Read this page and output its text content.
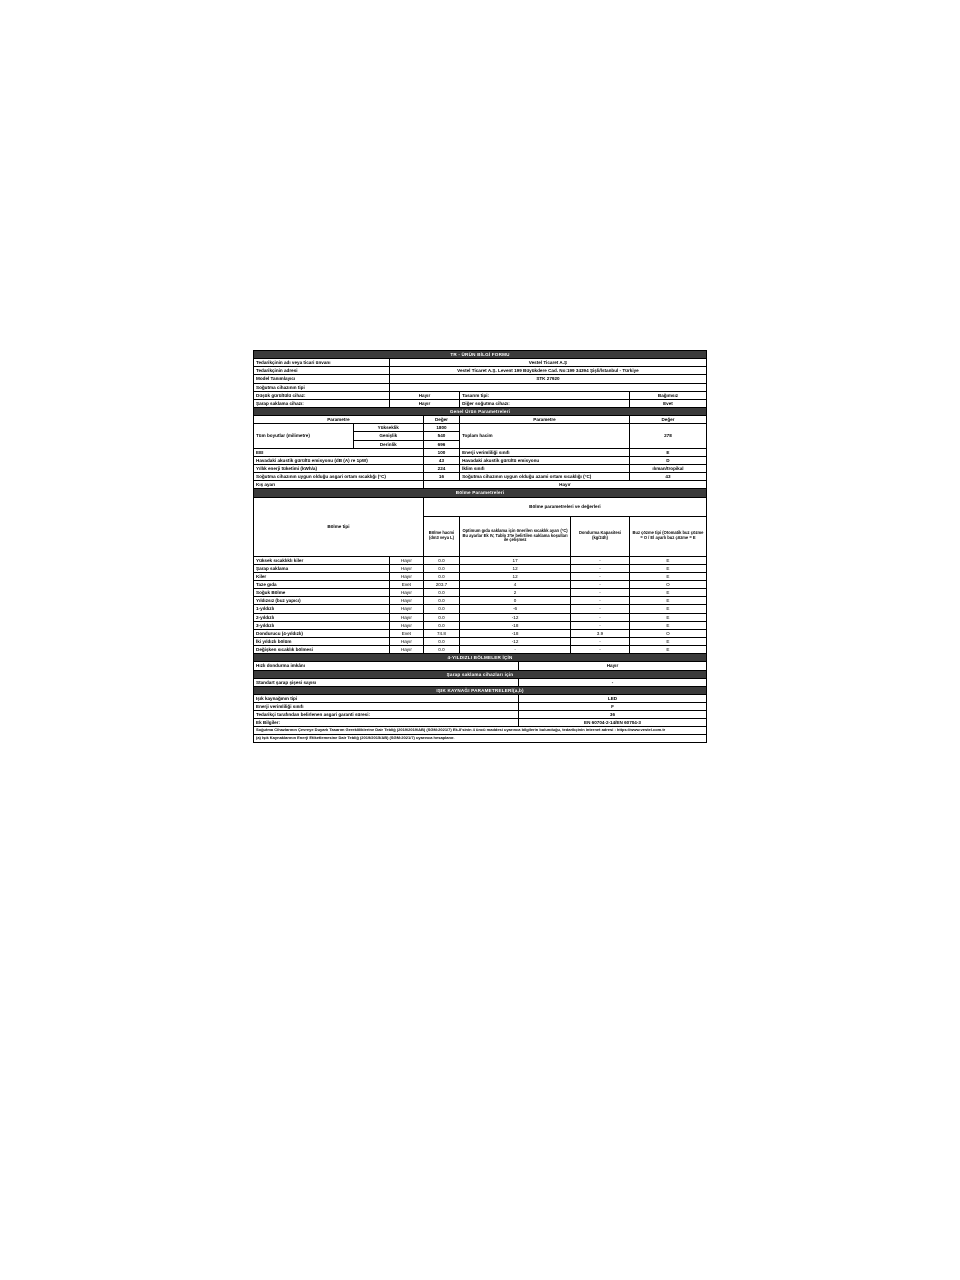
TR - ÜRÜN BİLGİ FORMU							
Tedarikçinin adı veya ticari ünvanı		Vestel Ticaret A.Ş					
Tedarikçinin adresi		Vestel Ticaret A.Ş. Levent 199 Büyükdere Cad. No:199 34394 Şişli/İstanbul - Türkiye					
Model Tanımlayıcı		STK 27920					
Soğutma cihazının tipi							
Düşük gürültülü cihaz:		Hayır		Tasarım tipi:			Bağımsız
Şarap saklama cihazı:		Hayır		Diğer soğutma cihazı:			Evet
Genel Ürün Parametreleri							
Parametre			Değer	Parametre			Değer
Tüm boyutlar (milimetre)	Yükseklik		1800	Toplam hacim			278
	Genişlik		540				
	Derinlik		696				
EEI			100	Enerji verimliliği sınıfı			E
Havadaki akustik gürültü emisyonu (dB (A) re 1pW)			43	Havadaki akustik gürültü emisyonu			D
Yıllık enerji tüketimi (kWh/a)			224	İklim sınıfı			ılıman/tropikal
Soğutma cihazının uygun olduğu asgari ortam sıcaklığı (°C)			16	Soğutma cihazının uygun olduğu azami ortam sıcaklığı (°C)			43
Kış ayarı			Hayır				
Bölme Parametreleri							
Bölme tipi			Bölme parametreleri ve değerleri				
			Bölme hacmi (dm3 veya L)	Optimum gıda saklama için önerilen sıcaklık ayarı (°C) Bu ayarlar Ek IV, Tablo 3'te belirtilen saklama koşulları ile çelişmez		Dondurma Kapasitesi (kg/24h)	Buz çözme tipi (Otomatik buz çözme = O / El ayarlı buz çözme = E
Yüksek sıcaklıklı kiler		Hayır	0.0	17		-	E
Şarap saklama		Hayır	0.0	12		-	E
Kiler		Hayır	0.0	12		-	E
Taze gıda		Evet	203.7	4		-	O
Soğuk Bölme		Hayır	0.0	2		-	E
Yıldızsız (buz yapıcı)		Hayır	0.0	0		-	E
1-yıldızlı		Hayır	0.0	-6		-	E
2-yıldızlı		Hayır	0.0	-12		-	E
3-yıldızlı		Hayır	0.0	-18		-	E
Dondurucu (4-yıldızlı)		Evet	74.8	-18		3.9	O
İki yıldızlı bölüm		Hayır	0.0	-12		-	E
Değişken sıcaklık bölmesi		Hayır	0.0	-		-	E
4-YILDIZLI BÖLMELER İÇİN							
Hızlı dondurma imkânı					Hayır		
Şarap saklama cihazları için							
Standart şarap şişesi sayısı					-		
IŞIK KAYNAĞI PARAMETRELERİ(a,b)							
Işık kaynağının tipi					LED		
Enerji verimliliği sınıfı					F		
Tedarikçi tarafından belirlenen asgari garanti süresi:					36		
Ek Bilgiler:					EN 60704-2-14/EN 60704-3		
Soğutma Cihazlarının Çevreye Duyarlı Tasarım Gerekliliklerine Dair Tebliğ (2019/2019/AB) (SGM:2021/7) Ek-II'sinin 4 üncü maddesi uyarınca bilgilerin bulunduğu, tedarikçinin internet adresi : https://www.vestel.com.tr							
(a) Işık Kaynaklarının Enerji Etiketlemesine Dair Tebliğ (2019/2015/AB) (SGM:2021/7) uyarınca hesaplanır.							
